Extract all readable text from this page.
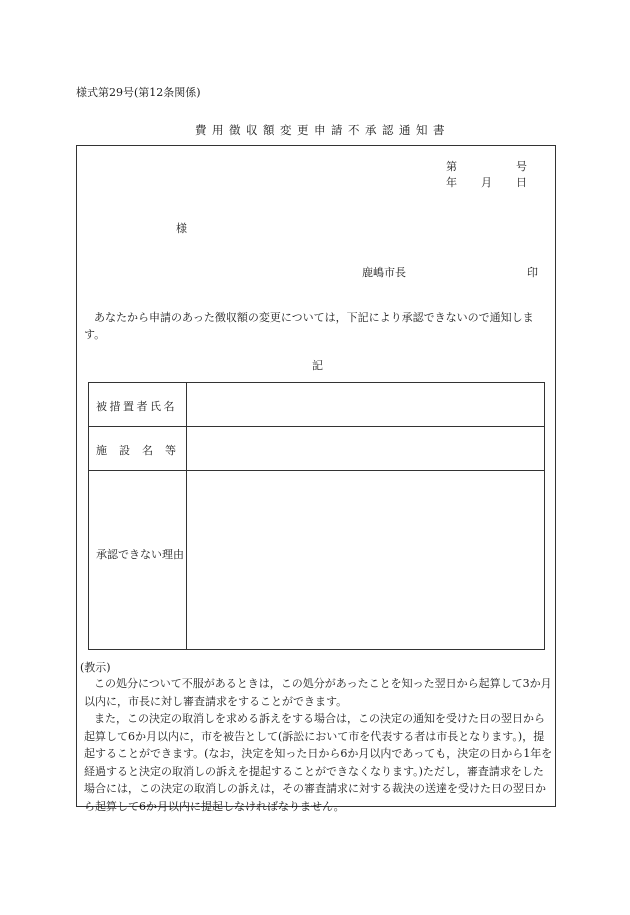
様式第29号(第12条関係)
費用徴収額変更申請不承認通知書
第	号
年 月 日
様
鹿嶋市長	印
あなたから申請のあった徴収額の変更については，下記により承認できないので通知します。
記
被措置者氏名
施　設　名　等
承認できない理由
(教示)

この処分について不服があるときは，この処分があったことを知った翌日から起算して3か月以内に，市長に対し審査請求をすることができます。

また，この決定の取消しを求める訴えをする場合は，この決定の通知を受けた日の翌日から起算して6か月以内に，市を被告として(訴訟において市を代表する者は市長となります。)，提起することができます。(なお，決定を知った日から6か月以内であっても，決定の日から1年を経過すると決定の取消しの訴えを提起することができなくなります。)ただし，審査請求をした場合には，この決定の取消しの訴えは，その審査請求に対する裁決の送達を受けた日の翌日から起算して6か月以内に提起しなければなりません。
